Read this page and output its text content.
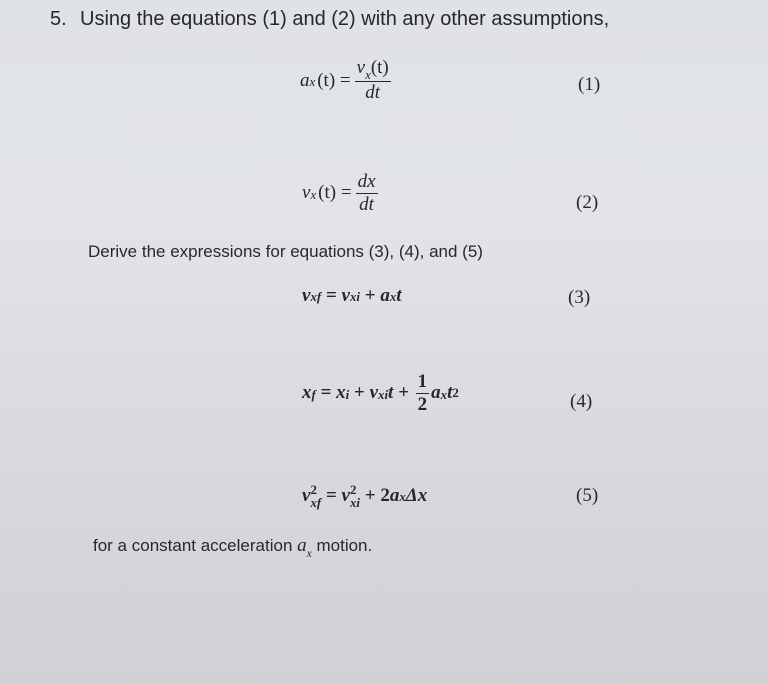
5. Using the equations (1) and (2) with any other assumptions,
$a_x$ $(t) = \frac{v_x(t)}{dt}$	(1)
$v_x$ $(t) = \frac{dx}{dt}$	(2)
Derive the expressions for equations (3), (4), and (5)
$v_{xf} = v_{xi} + a_x$ t	(3)
$x_f = x_i + v_{xi}$ $t + \frac{1}{2} a_x$ t 2	(4)
v 2
$_{xf}$ = v 2
$_{xi}$ + 2 $a_x$ Δx	(5)
for a constant acceleration $a_x$ motion.
